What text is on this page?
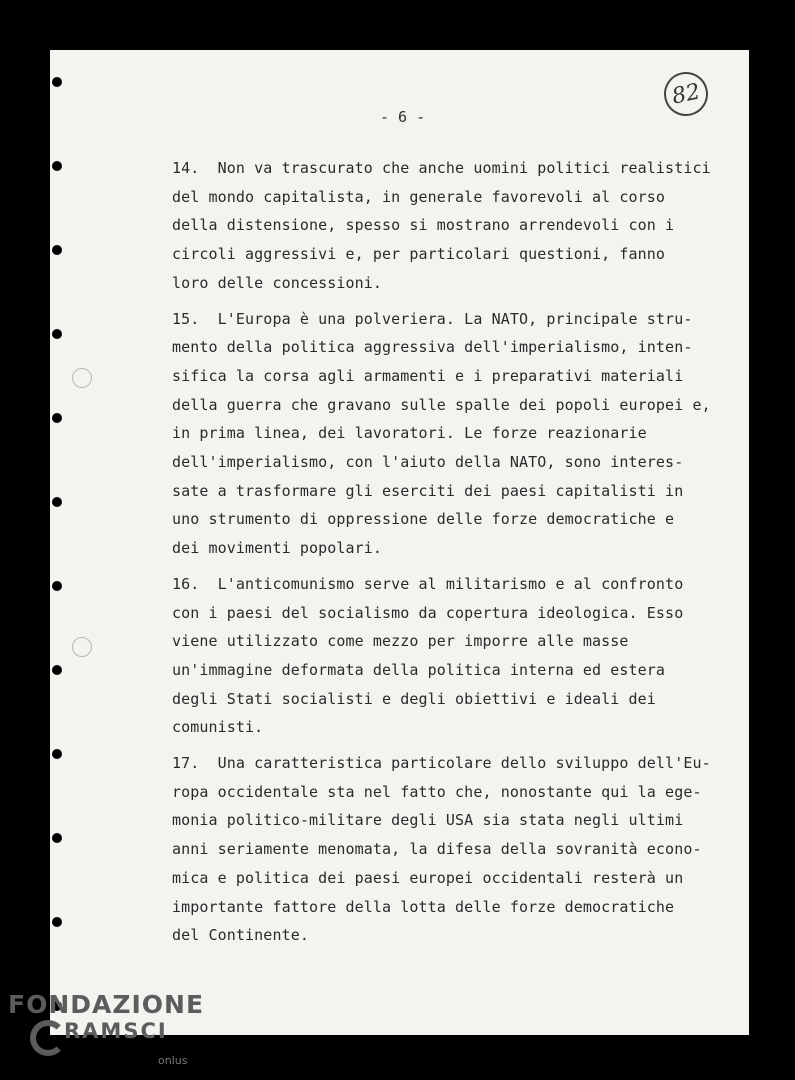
- 6 -
82
14.  Non va trascurato che anche uomini politici realistici
del mondo capitalista, in generale favorevoli al corso
della distensione, spesso si mostrano arrendevoli con i
circoli aggressivi e, per particolari questioni, fanno
loro delle concessioni.
15.  L'Europa è una polveriera. La NATO, principale stru-
mento della politica aggressiva dell'imperialismo, inten-
sifica la corsa agli armamenti e i preparativi materiali
della guerra che gravano sulle spalle dei popoli europei e,
in prima linea, dei lavoratori. Le forze reazionarie
dell'imperialismo, con l'aiuto della NATO, sono interes-
sate a trasformare gli eserciti dei paesi capitalisti in
uno strumento di oppressione delle forze democratiche e
dei movimenti popolari.
16.  L'anticomunismo serve al militarismo e al confronto
con i paesi del socialismo da copertura ideologica. Esso
viene utilizzato come mezzo per imporre alle masse
un'immagine deformata della politica interna ed estera
degli Stati socialisti e degli obiettivi e ideali dei
comunisti.
17.  Una caratteristica particolare dello sviluppo dell'Eu-
ropa occidentale sta nel fatto che, nonostante qui la ege-
monia politico-militare degli USA sia stata negli ultimi
anni seriamente menomata, la difesa della sovranità econo-
mica e politica dei paesi europei occidentali resterà un
importante fattore della lotta delle forze democratiche
del Continente.
FONDAZIONE
RAMSCI
onlus
